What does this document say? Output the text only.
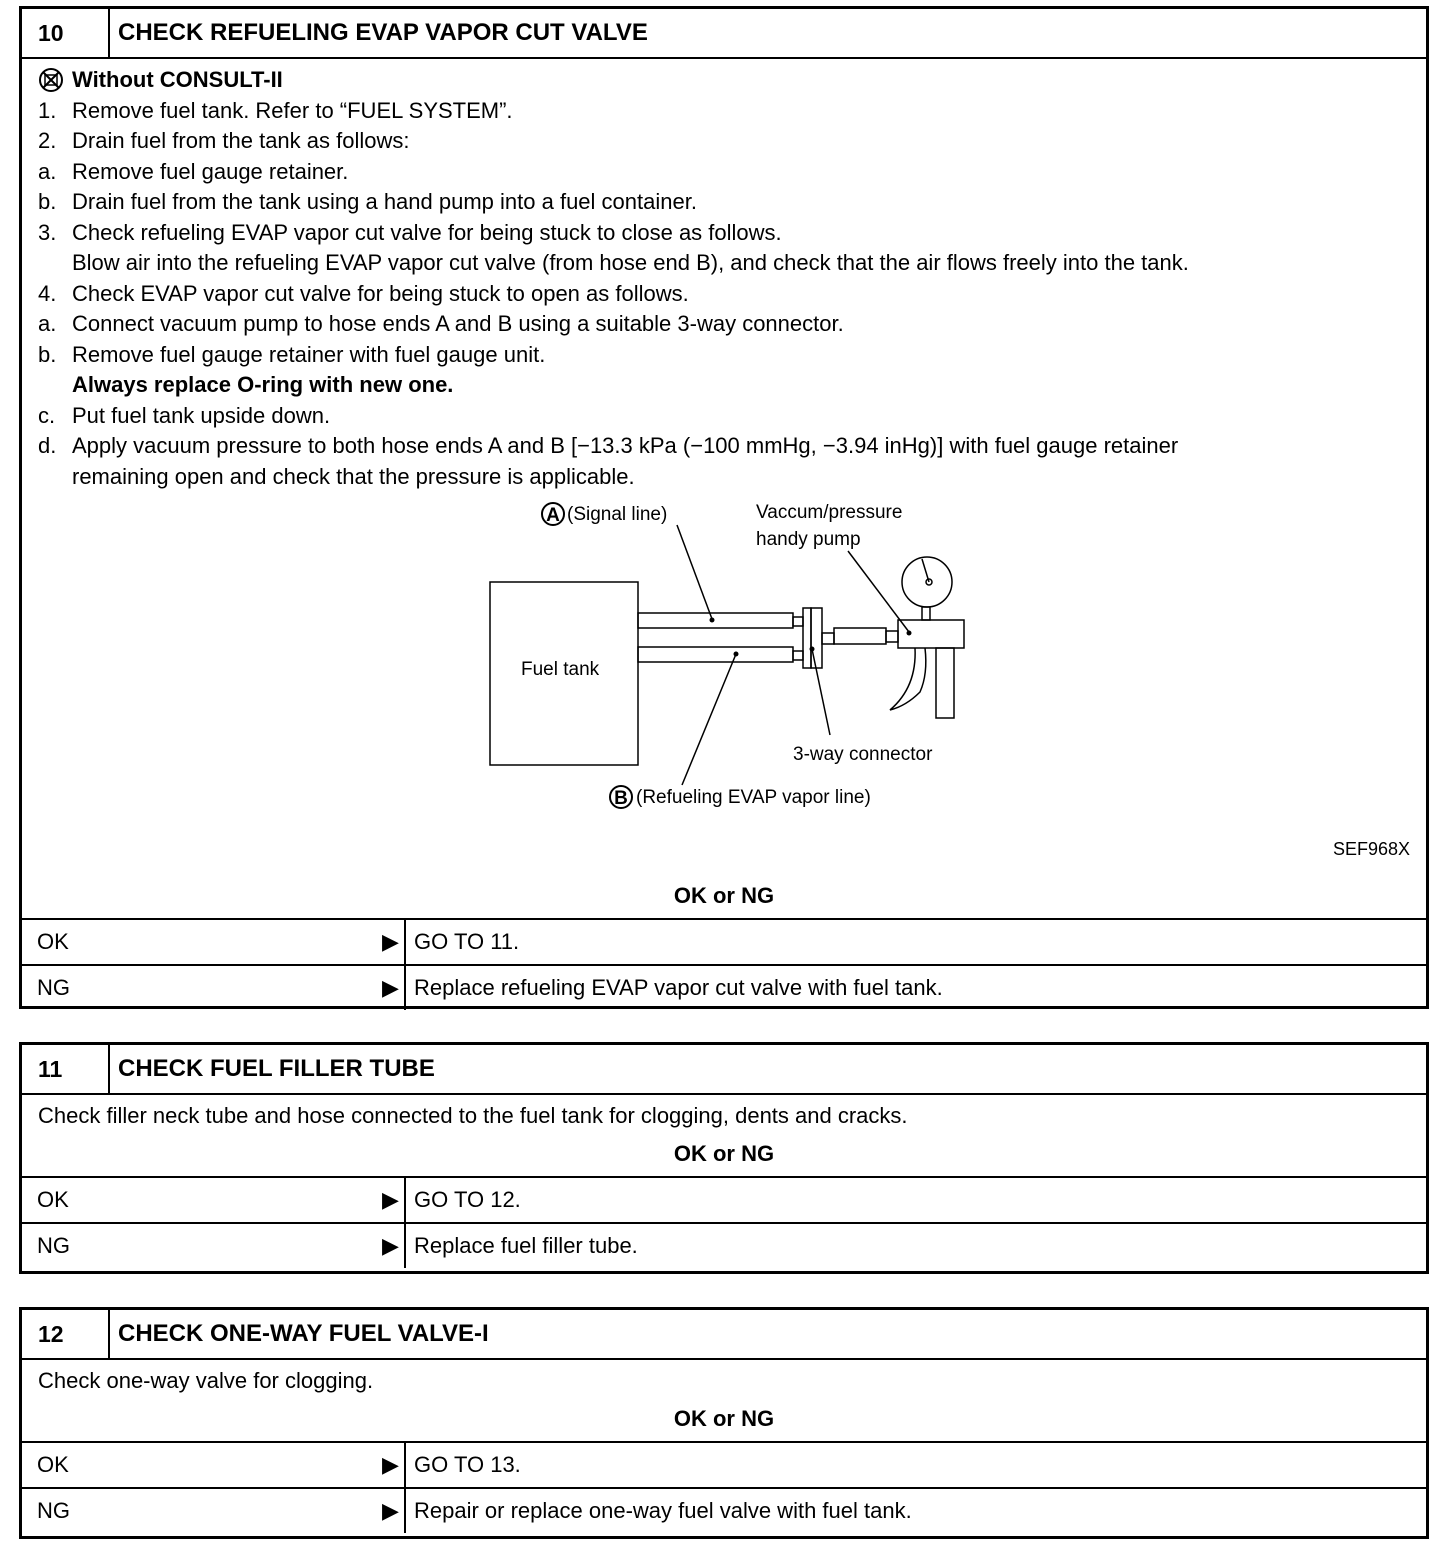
10	CHECK REFUELING EVAP VAPOR CUT VALVE
Without CONSULT-II
1. Remove fuel tank. Refer to “FUEL SYSTEM”.
2. Drain fuel from the tank as follows:
a. Remove fuel gauge retainer.
b. Drain fuel from the tank using a hand pump into a fuel container.
3. Check refueling EVAP vapor cut valve for being stuck to close as follows.
Blow air into the refueling EVAP vapor cut valve (from hose end B), and check that the air flows freely into the tank.
4. Check EVAP vapor cut valve for being stuck to open as follows.
a. Connect vacuum pump to hose ends A and B using a suitable 3-way connector.
b. Remove fuel gauge retainer with fuel gauge unit.
Always replace O-ring with new one.
c. Put fuel tank upside down.
d. Apply vacuum pressure to both hose ends A and B [−13.3 kPa (−100 mmHg, −3.94 inHg)] with fuel gauge retainer
remaining open and check that the pressure is applicable.
A (Signal line)
B (Refueling EVAP vapor line)
Vaccum/pressure
handy pump
Fuel tank
3-way connector
SEF968X
OK or NG
OK	▶ GO TO 11.
NG	▶ Replace refueling EVAP vapor cut valve with fuel tank.
11	CHECK FUEL FILLER TUBE
Check filler neck tube and hose connected to the fuel tank for clogging, dents and cracks.
OK or NG
OK	▶ GO TO 12.
NG	▶ Replace fuel filler tube.
12	CHECK ONE-WAY FUEL VALVE-I
Check one-way valve for clogging.
OK or NG
OK	▶ GO TO 13.
NG	▶ Repair or replace one-way fuel valve with fuel tank.
